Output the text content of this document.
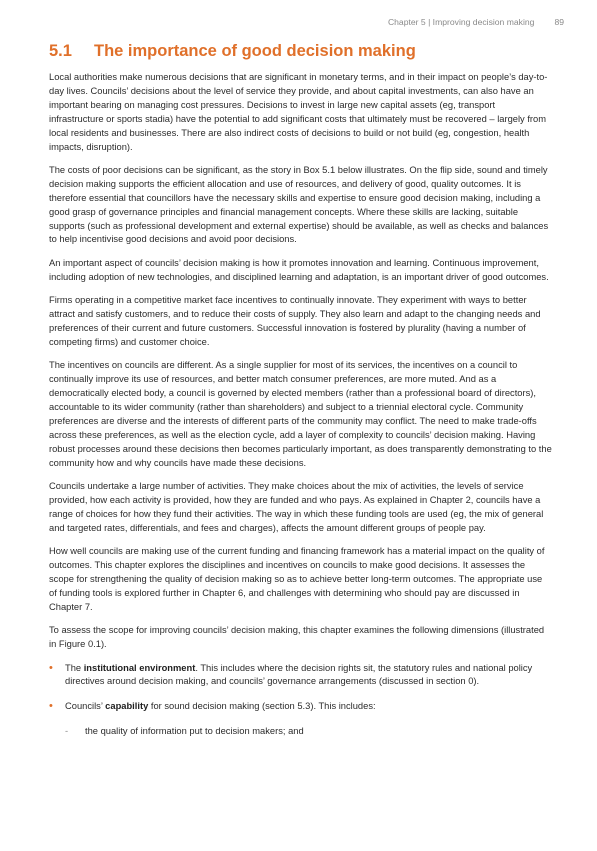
Chapter 5 | Improving decision making 89
5.1	The importance of good decision making

Local authorities make numerous decisions that are significant in monetary terms, and in their impact on people’s day-to-day lives. Councils’ decisions about the level of service they provide, and about capital investments, can also have an important bearing on managing cost pressures. Decisions to invest in large new capital assets (eg, transport infrastructure or sports stadia) have the potential to add significant costs that ultimately must be recovered – largely from local residents and businesses. There are also indirect costs of decisions to build or not build (eg, congestion, health impacts, disruption).

The costs of poor decisions can be significant, as the story in Box 5.1 below illustrates. On the flip side, sound and timely decision making supports the efficient allocation and use of resources, and delivery of good, quality outcomes. It is therefore essential that councillors have the necessary skills and expertise to ensure good decision making, including a good grasp of governance principles and financial management concepts. Where these skills are lacking, suitable supports (such as professional development and external expertise) should be available, as well as checks and balances to help incentivise good decisions and avoid poor decisions.

An important aspect of councils’ decision making is how it promotes innovation and learning. Continuous improvement, including adoption of new technologies, and disciplined learning and adaptation, is an important driver of good outcomes.

Firms operating in a competitive market face incentives to continually innovate. They experiment with ways to better attract and satisfy customers, and to reduce their costs of supply. They also learn and adapt to the changing needs and preferences of their current and future customers. Successful innovation is fostered by plurality (having a number of competing firms) and customer choice.

The incentives on councils are different. As a single supplier for most of its services, the incentives on a council to continually improve its use of resources, and better match consumer preferences, are more muted. And as a democratically elected body, a council is governed by elected members (rather than a professional board of directors), accountable to its wider community (rather than shareholders) and subject to a triennial electoral cycle. Community preferences are diverse and the interests of different parts of the community may conflict. The need to make trade-offs across these preferences, as well as the election cycle, add a layer of complexity to councils’ decision making. Having robust processes around these decisions then becomes particularly important, as does transparently demonstrating to the community how and why councils have made these decisions.

Councils undertake a large number of activities. They make choices about the mix of activities, the levels of service provided, how each activity is provided, how they are funded and who pays. As explained in Chapter 2, councils have a range of choices for how they fund their activities. The way in which these funding tools are used (eg, the mix of general and targeted rates, differentials, and fees and charges), affects the amount different groups of people pay.

How well councils are making use of the current funding and financing framework has a material impact on the quality of outcomes. This chapter explores the disciplines and incentives on councils to make good decisions. It assesses the scope for strengthening the quality of decision making so as to achieve better long-term outcomes. The appropriate use of funding tools is explored further in Chapter 6, and challenges with determining who should pay are discussed in Chapter 7.

To assess the scope for improving councils’ decision making, this chapter examines the following dimensions (illustrated in Figure 0.1).

• The institutional environment. This includes where the decision rights sit, the statutory rules and national policy directives around decision making, and councils’ governance arrangements (discussed in section 0).
• Councils’ capability for sound decision making (section 5.3). This includes:
- the quality of information put to decision makers; and
